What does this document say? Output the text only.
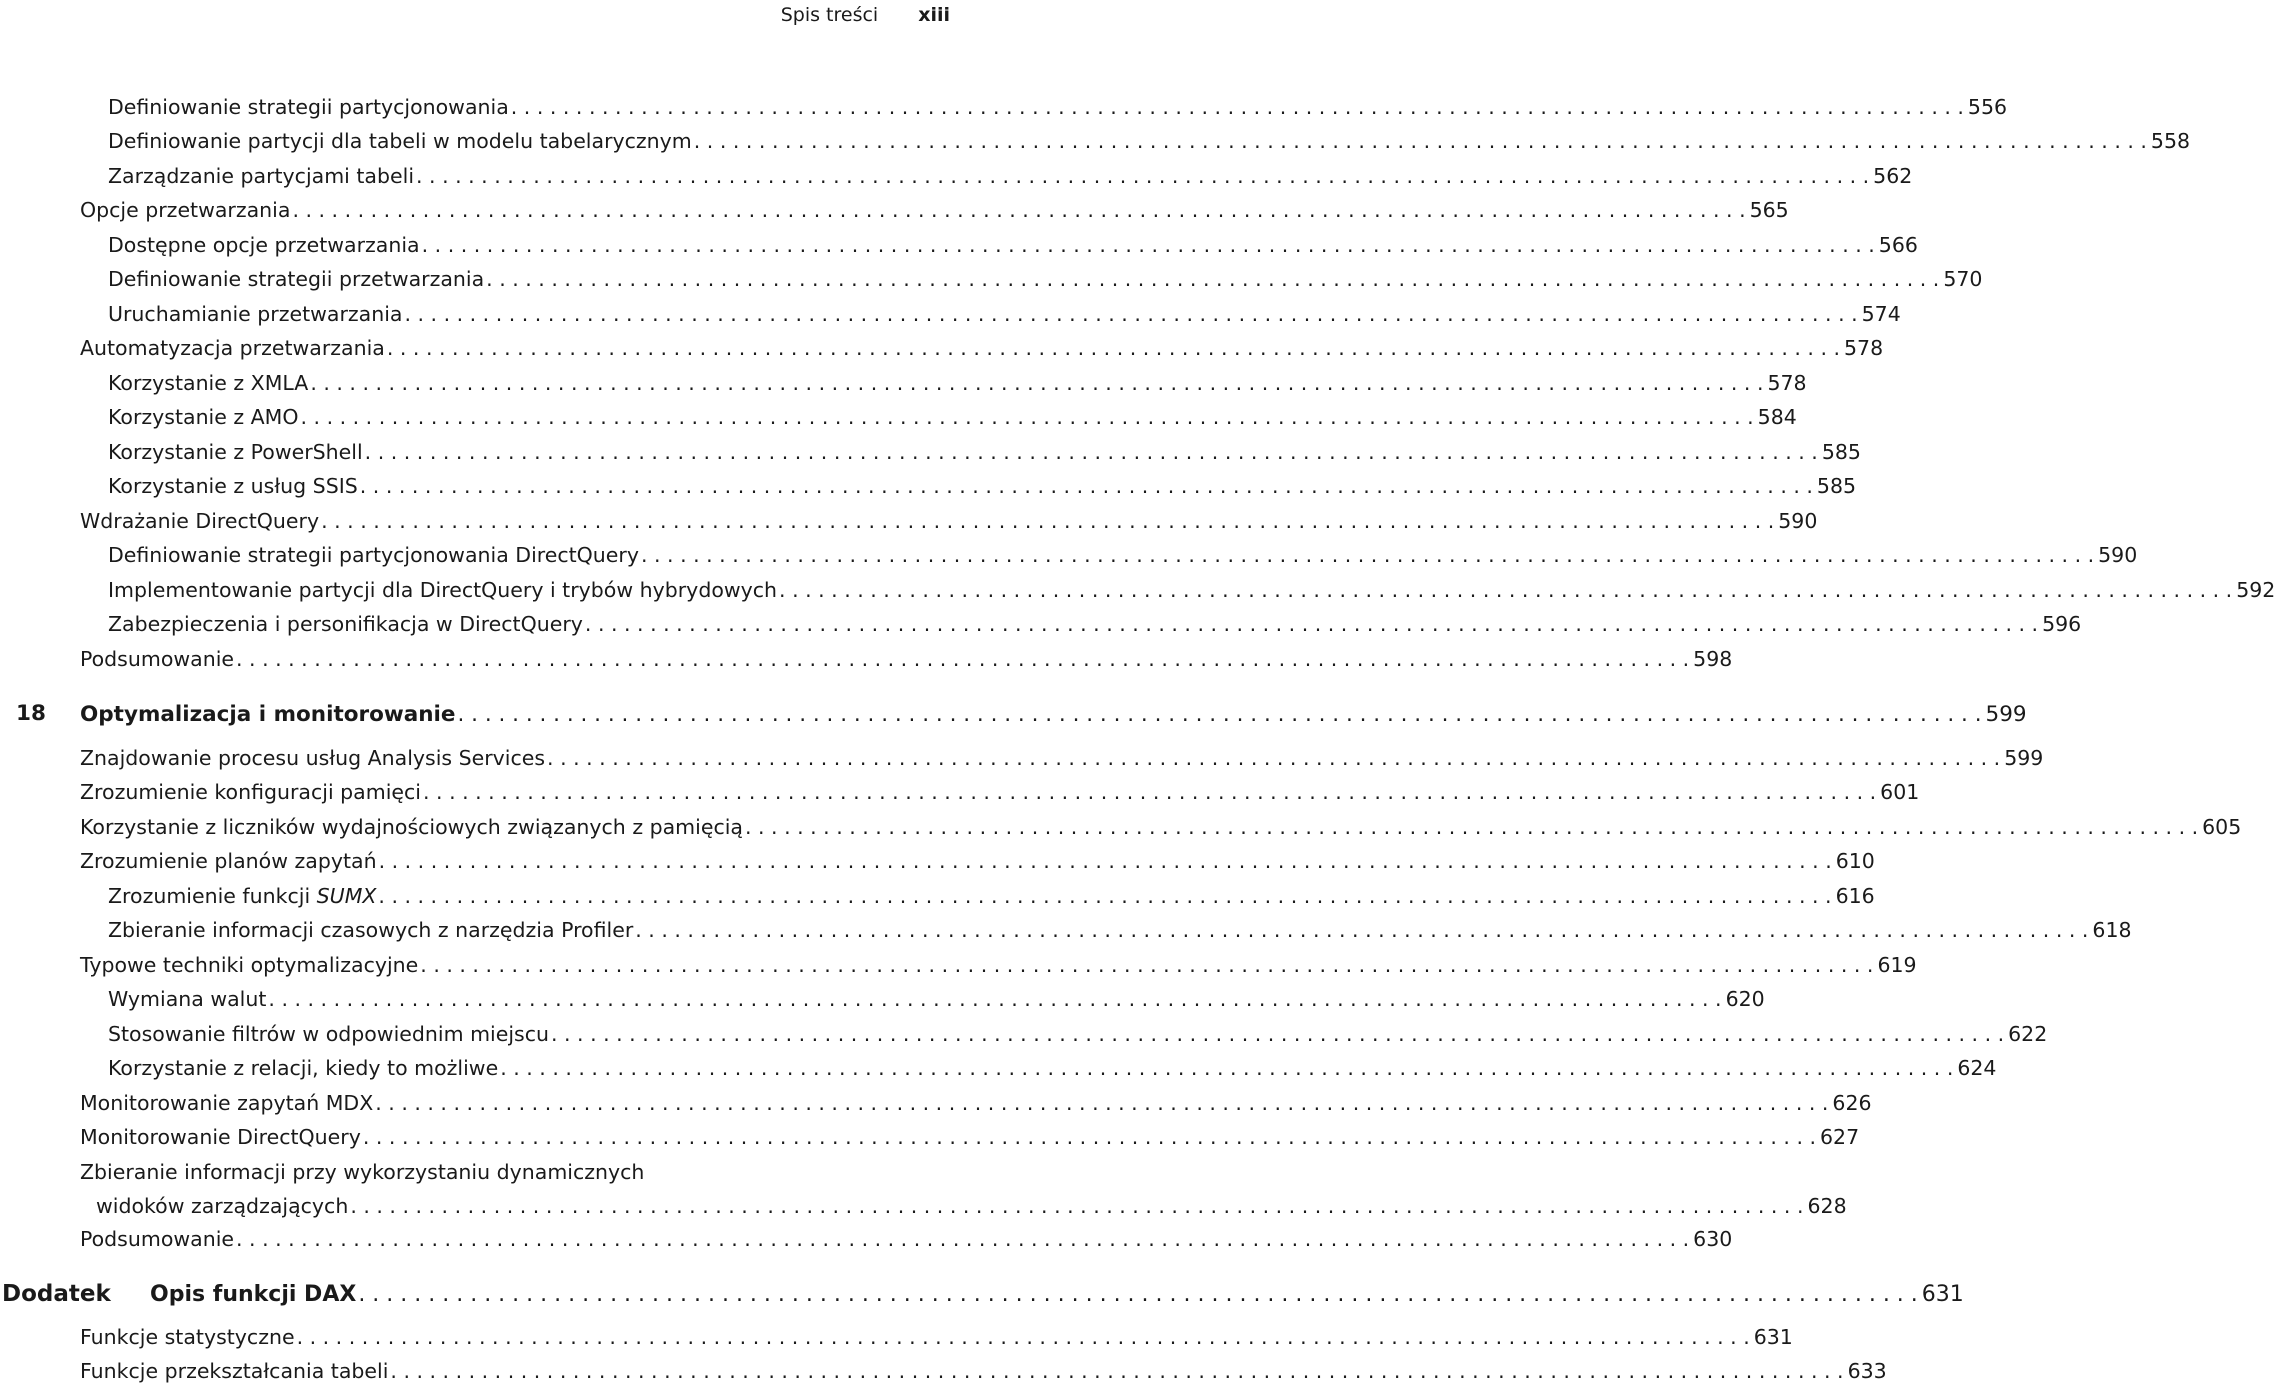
Spis treści xiii
Definiowanie strategii partycjonowania . . .	556
Definiowanie partycji dla tabeli w modelu tabelarycznym . . .	558
Zarządzanie partycjami tabeli . . .	562
Opcje przetwarzania . . .	565
Dostępne opcje przetwarzania . . .	566
Definiowanie strategii przetwarzania . . .	570
Uruchamianie przetwarzania . . .	574
Automatyzacja przetwarzania . . .	578
Korzystanie z XMLA . . .	578
Korzystanie z AMO . . .	584
Korzystanie z PowerShell . . .	585
Korzystanie z usług SSIS . . .	585
Wdrażanie DirectQuery . . .	590
Definiowanie strategii partycjonowania DirectQuery . . .	590
Implementowanie partycji dla DirectQuery i trybów hybrydowych . . .	592
Zabezpieczenia i personifikacja w DirectQuery . . .	596
Podsumowanie . . .	598
18 Optymalizacja i monitorowanie . . .	599
Znajdowanie procesu usług Analysis Services . . .	599
Zrozumienie konfiguracji pamięci . . .	601
Korzystanie z liczników wydajnościowych związanych z pamięcią . . .	605
Zrozumienie planów zapytań . . .	610
Zrozumienie funkcji SUMX . . .	616
Zbieranie informacji czasowych z narzędzia Profiler . . .	618
Typowe techniki optymalizacyjne . . .	619
Wymiana walut . . .	620
Stosowanie filtrów w odpowiednim miejscu . . .	622
Korzystanie z relacji, kiedy to możliwe . . .	624
Monitorowanie zapytań MDX . . .	626
Monitorowanie DirectQuery . . .	627
Zbieranie informacji przy wykorzystaniu dynamicznych
widoków zarządzających . . .	628
Podsumowanie . . .	630
Dodatek Opis funkcji DAX . . .	631
Funkcje statystyczne . . .	631
Funkcje przekształcania tabeli . . .	633
